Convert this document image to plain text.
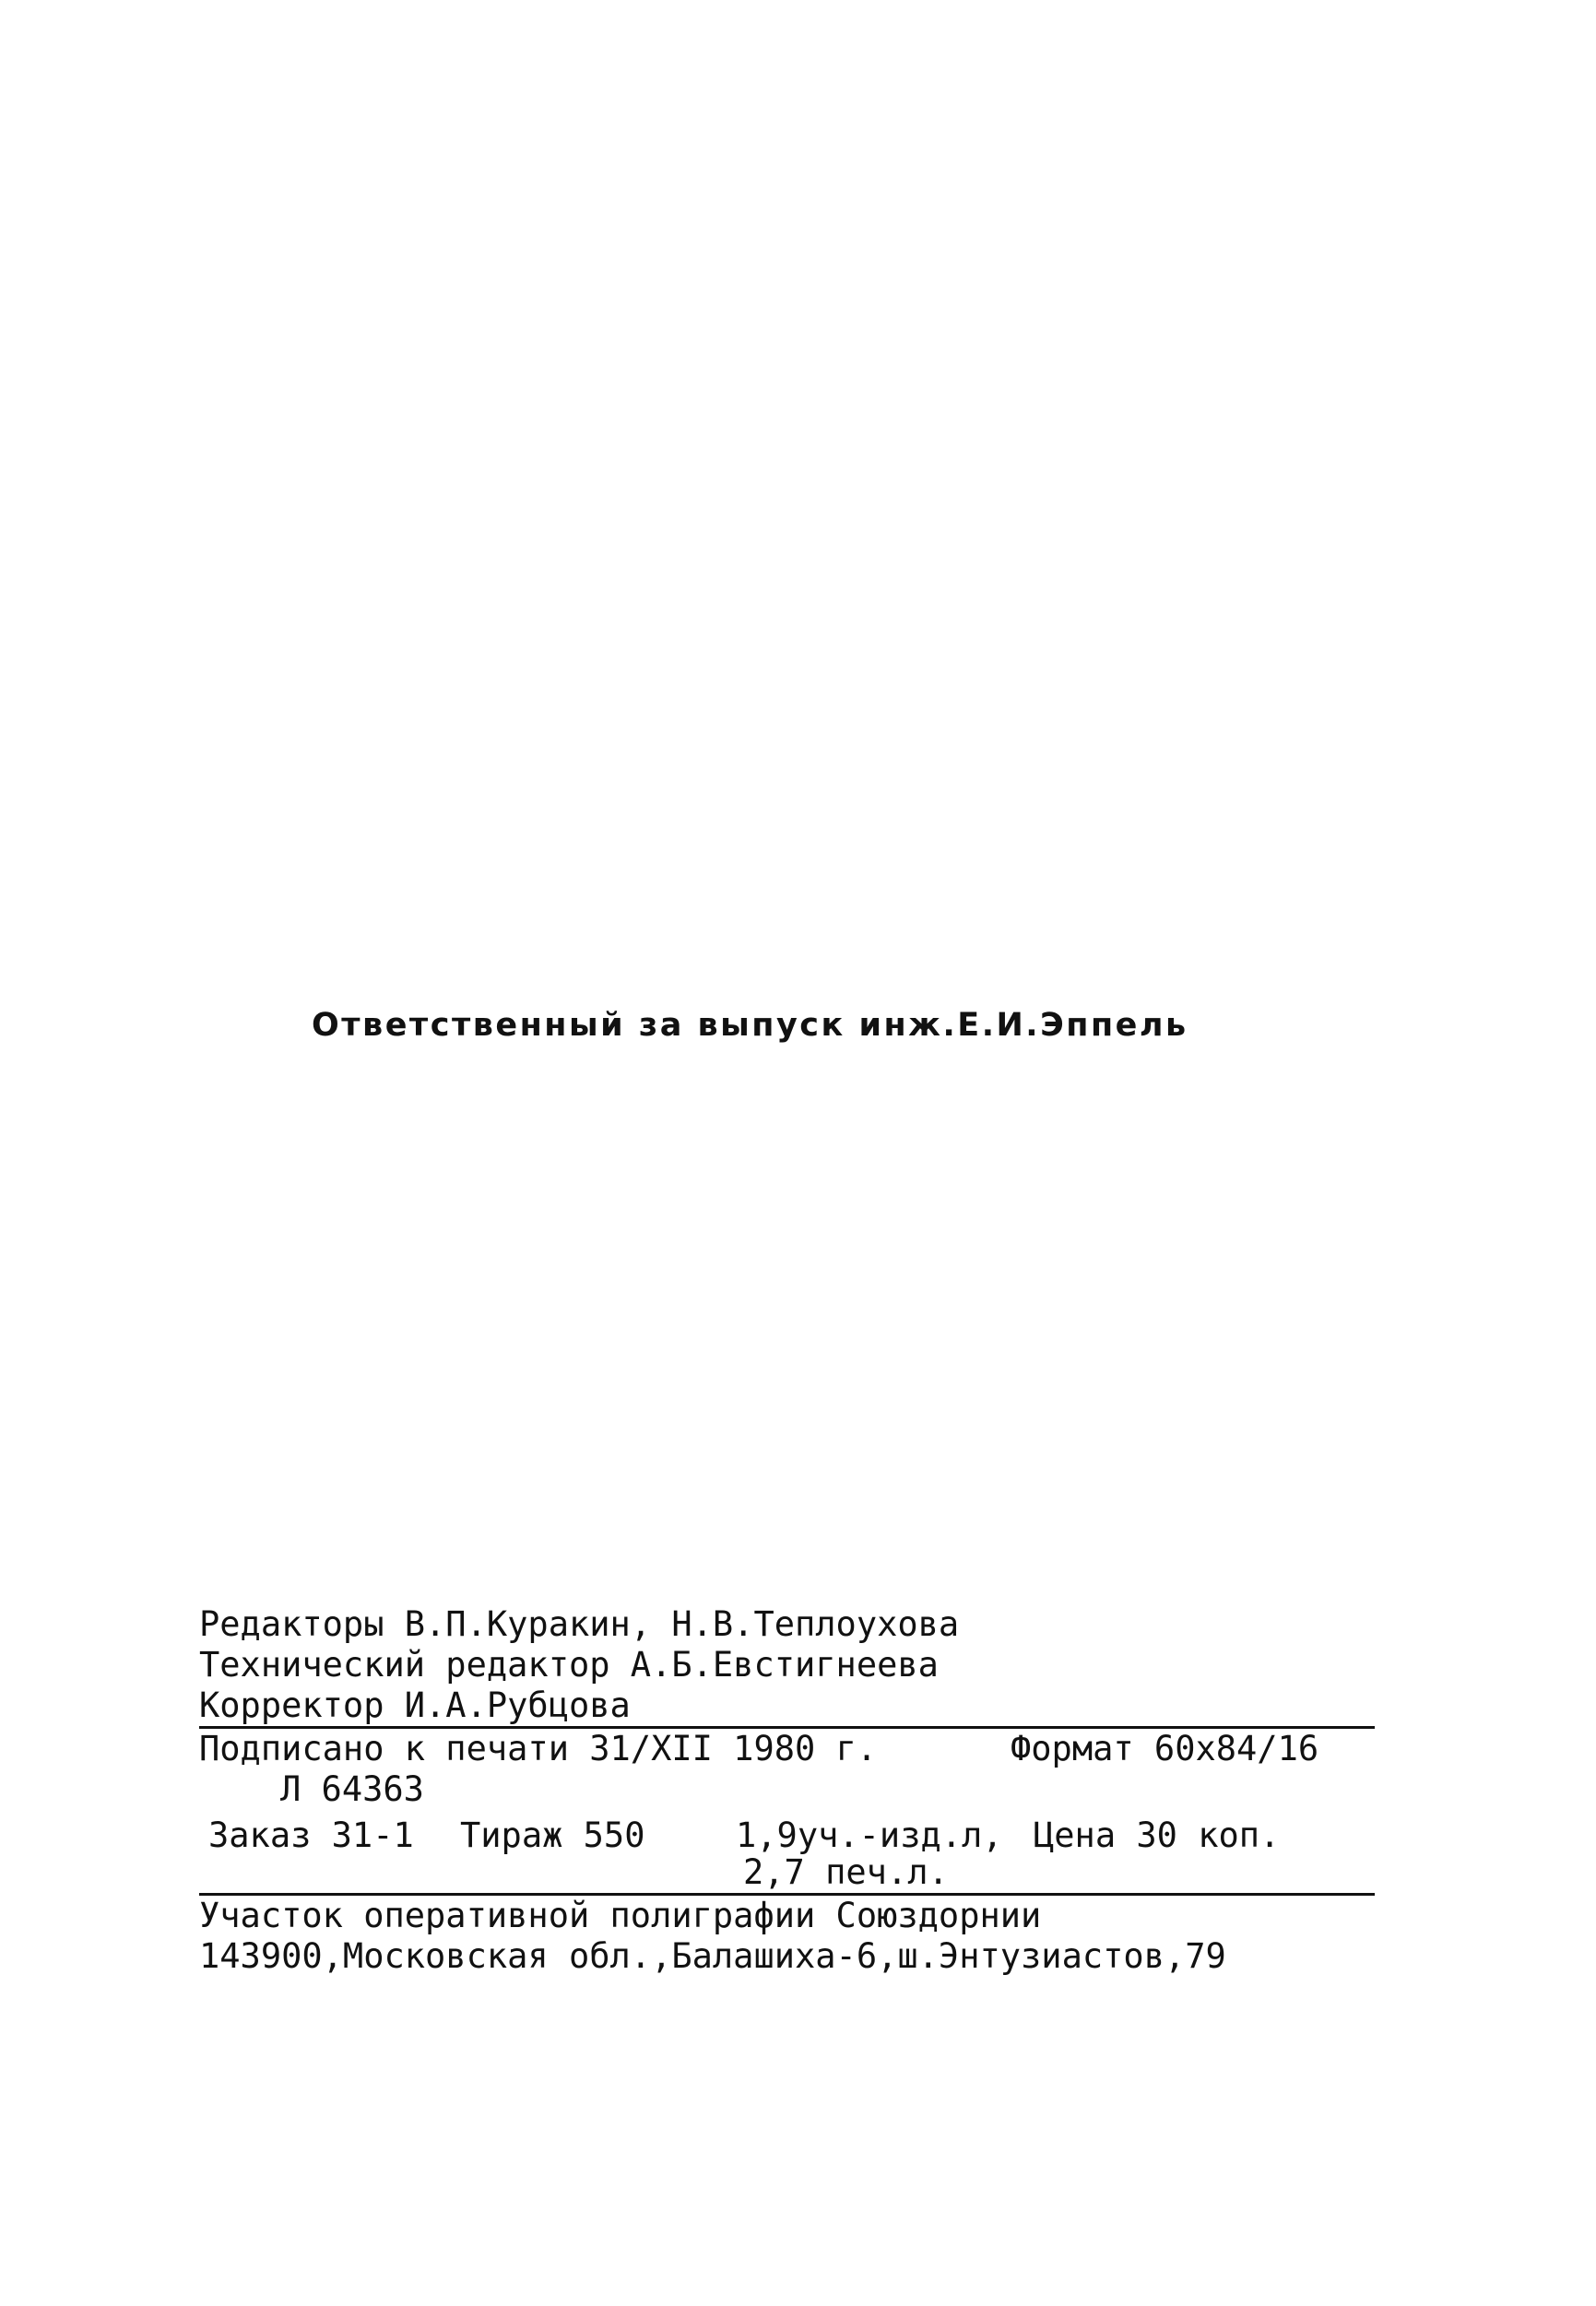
Ответственный за выпуск инж.Е.И.Эппель
Редакторы В.П.Куракин, Н.В.Теплоухова
Технический редактор А.Б.Евстигнеева
Корректор И.А.Рубцова
Подписано к печати 31/XII 1980 г.	Формат 60х84/16
Л 64363
Заказ 31-1 Тираж 550	1,9уч.-изд.л, Цена 30 коп.
2,7 печ.л.
Участок оперативной полиграфии Союздорнии
143900,Московская обл.,Балашиха-6,ш.Энтузиастов,79
